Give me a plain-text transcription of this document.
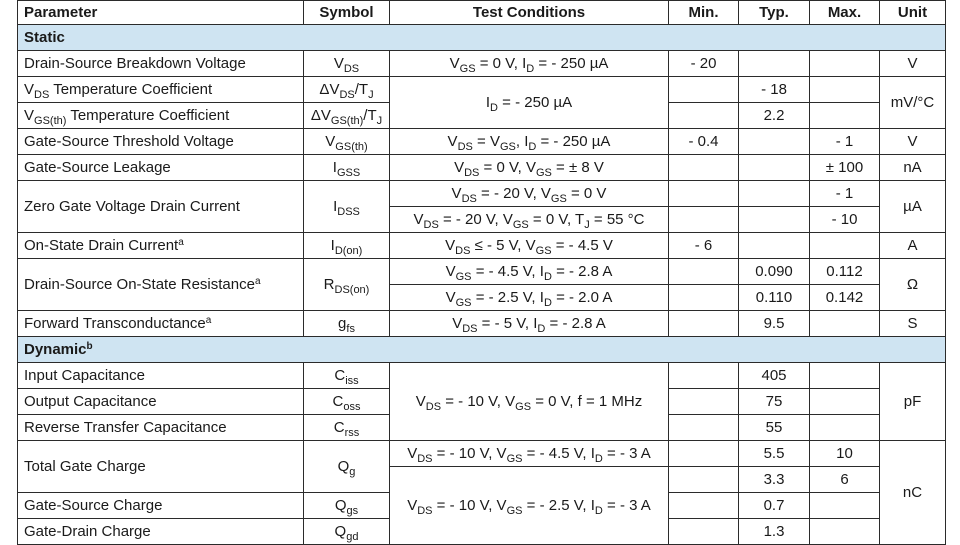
Parameter	Symbol	Test Conditions	Min.	Typ.	Max.	Unit
Static						
Drain-Source Breakdown Voltage	$V_{DS}$	$V_{GS} = 0$ V, $I_D$ = - 250 µA	- 20			V
$V_{DS}$ Temperature Coefficient	$\Delta V_{DS}/T_J$	$I_D$ = - 250 µA		- 18		mV/°C
$V_{GS(th)}$ Temperature Coefficient	$\Delta V_{GS(th)}/T_J$			2.2		
Gate-Source Threshold Voltage	$V_{GS(th)}$	$V_{DS} = V_{GS}$, $I_D$ = - 250 µA	- 0.4		- 1	V
Gate-Source Leakage	$I_{GSS}$	$V_{DS} = 0$ V, $V_{GS}$ = ± 8 V			± 100	nA
Zero Gate Voltage Drain Current	$I_{DSS}$	$V_{DS}$ = - 20 V, $V_{GS} = 0$ V			- 1	µA
		$V_{DS}$ = - 20 V, $V_{GS} = 0$ V, $T_J = 55$ °C			- 10	
On-State Drain Current$^a$	$I_{D(on)}$	$V_{DS}$ ≤ - 5 V, $V_{GS}$ = - 4.5 V	- 6			A
Drain-Source On-State Resistance$^a$	$R_{DS(on)}$	$V_{GS}$ = - 4.5 V, $I_D$ = - 2.8 A		0.090	0.112	Ω
		$V_{GS}$ = - 2.5 V, $I_D$ = - 2.0 A		0.110	0.142	
Forward Transconductance$^a$	$g_{fs}$	$V_{DS}$ = - 5 V, $I_D$ = - 2.8 A		9.5		S
Dynamic$^b$
Input Capacitance	$C_{iss}$	$V_{DS}$ = - 10 V, $V_{GS} = 0$ V, f = 1 MHz		405		pF
Output Capacitance	$C_{oss}$			75		
Reverse Transfer Capacitance	$C_{rss}$			55		
Total Gate Charge	$Q_g$	$V_{DS}$ = - 10 V, $V_{GS}$ = - 4.5 V, $I_D$ = - 3 A		5.5	10	nC
		$V_{DS}$ = - 10 V, $V_{GS}$ = - 2.5 V, $I_D$ = - 3 A		3.3	6	
Gate-Source Charge	$Q_{gs}$			0.7		
Gate-Drain Charge	$Q_{gd}$			1.3		
